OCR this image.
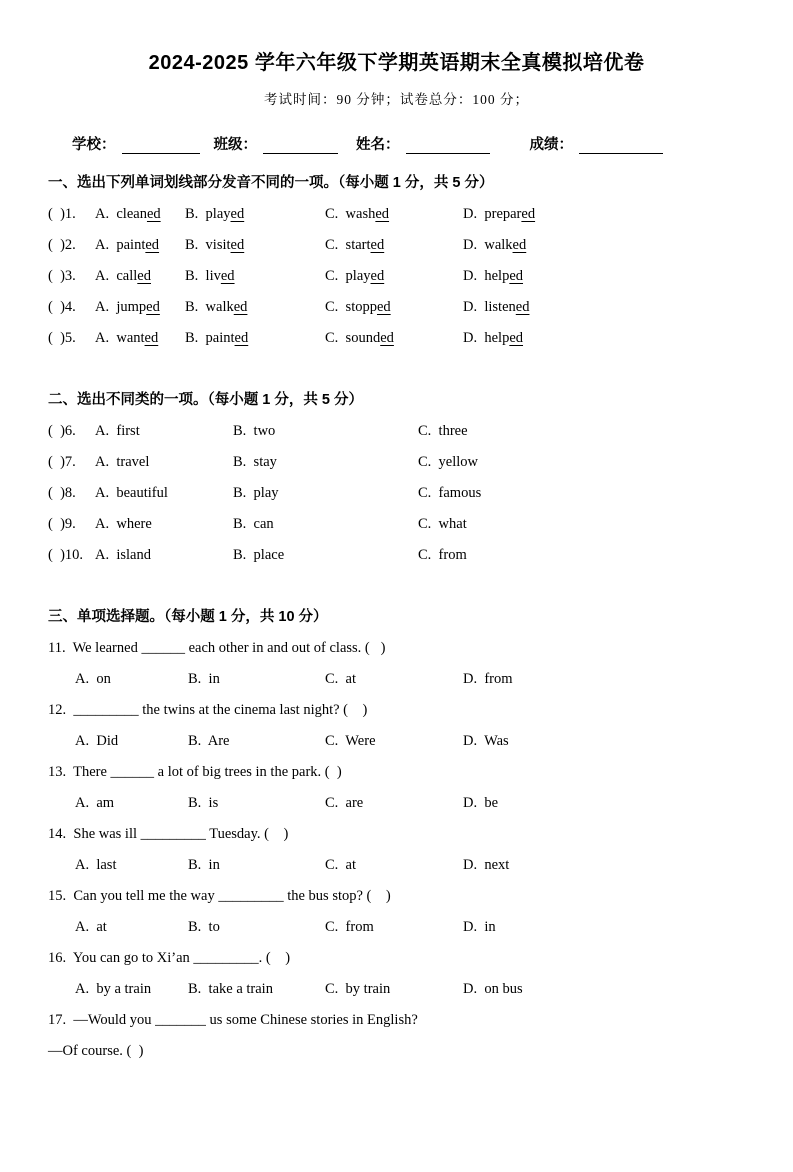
2024-2025 学年六年级下学期英语期末全真模拟培优卷
考试时间：90 分钟；试卷总分：100 分；
学校：	班级：	姓名：	成绩：
一、选出下列单词划线部分发音不同的一项。（每小题 1 分，共 5 分）
(  )1.	A.  cleaned	B.  played	C.  washed	D.  prepared
(  )2.	A.  painted	B.  visited	C.  started	D.  walked
(  )3.	A.  called	B.  lived	C.  played	D.  helped
(  )4.	A.  jumped	B.  walked	C.  stopped	D.  listened
(  )5.	A.  wanted	B.  painted	C.  sounded	D.  helped
二、选出不同类的一项。（每小题 1 分，共 5 分）
(  )6.	A.  first	B.  two	C.  three
(  )7.	A.  travel	B.  stay	C.  yellow
(  )8.	A.  beautiful	B.  play	C.  famous
(  )9.	A.  where	B.  can	C.  what
(  )10. A.  island	B.  place	C.  from
三、单项选择题。（每小题 1 分，共 10 分）
11.  We learned ______ each other in and out of class. (   )
A.  on	B.  in	C.  at	D.  from
12.  _________ the twins at the cinema last night? (    )
A.  Did	B.  Are	C.  Were	D.  Was
13.  There ______ a lot of big trees in the park. (  )
A.  am	B.  is	C.  are	D.  be
14.  She was ill _________ Tuesday. (    )
A.  last	B.  in	C.  at	D.  next
15.  Can you tell me the way _________ the bus stop? (    )
A.  at	B.  to	C.  from	D.  in
16.  You can go to Xi’an _________. (    )
A.  by a train	B.  take a train	C.  by train	D.  on bus
17.  —Would you _______ us some Chinese stories in English?
—Of course. (  )
